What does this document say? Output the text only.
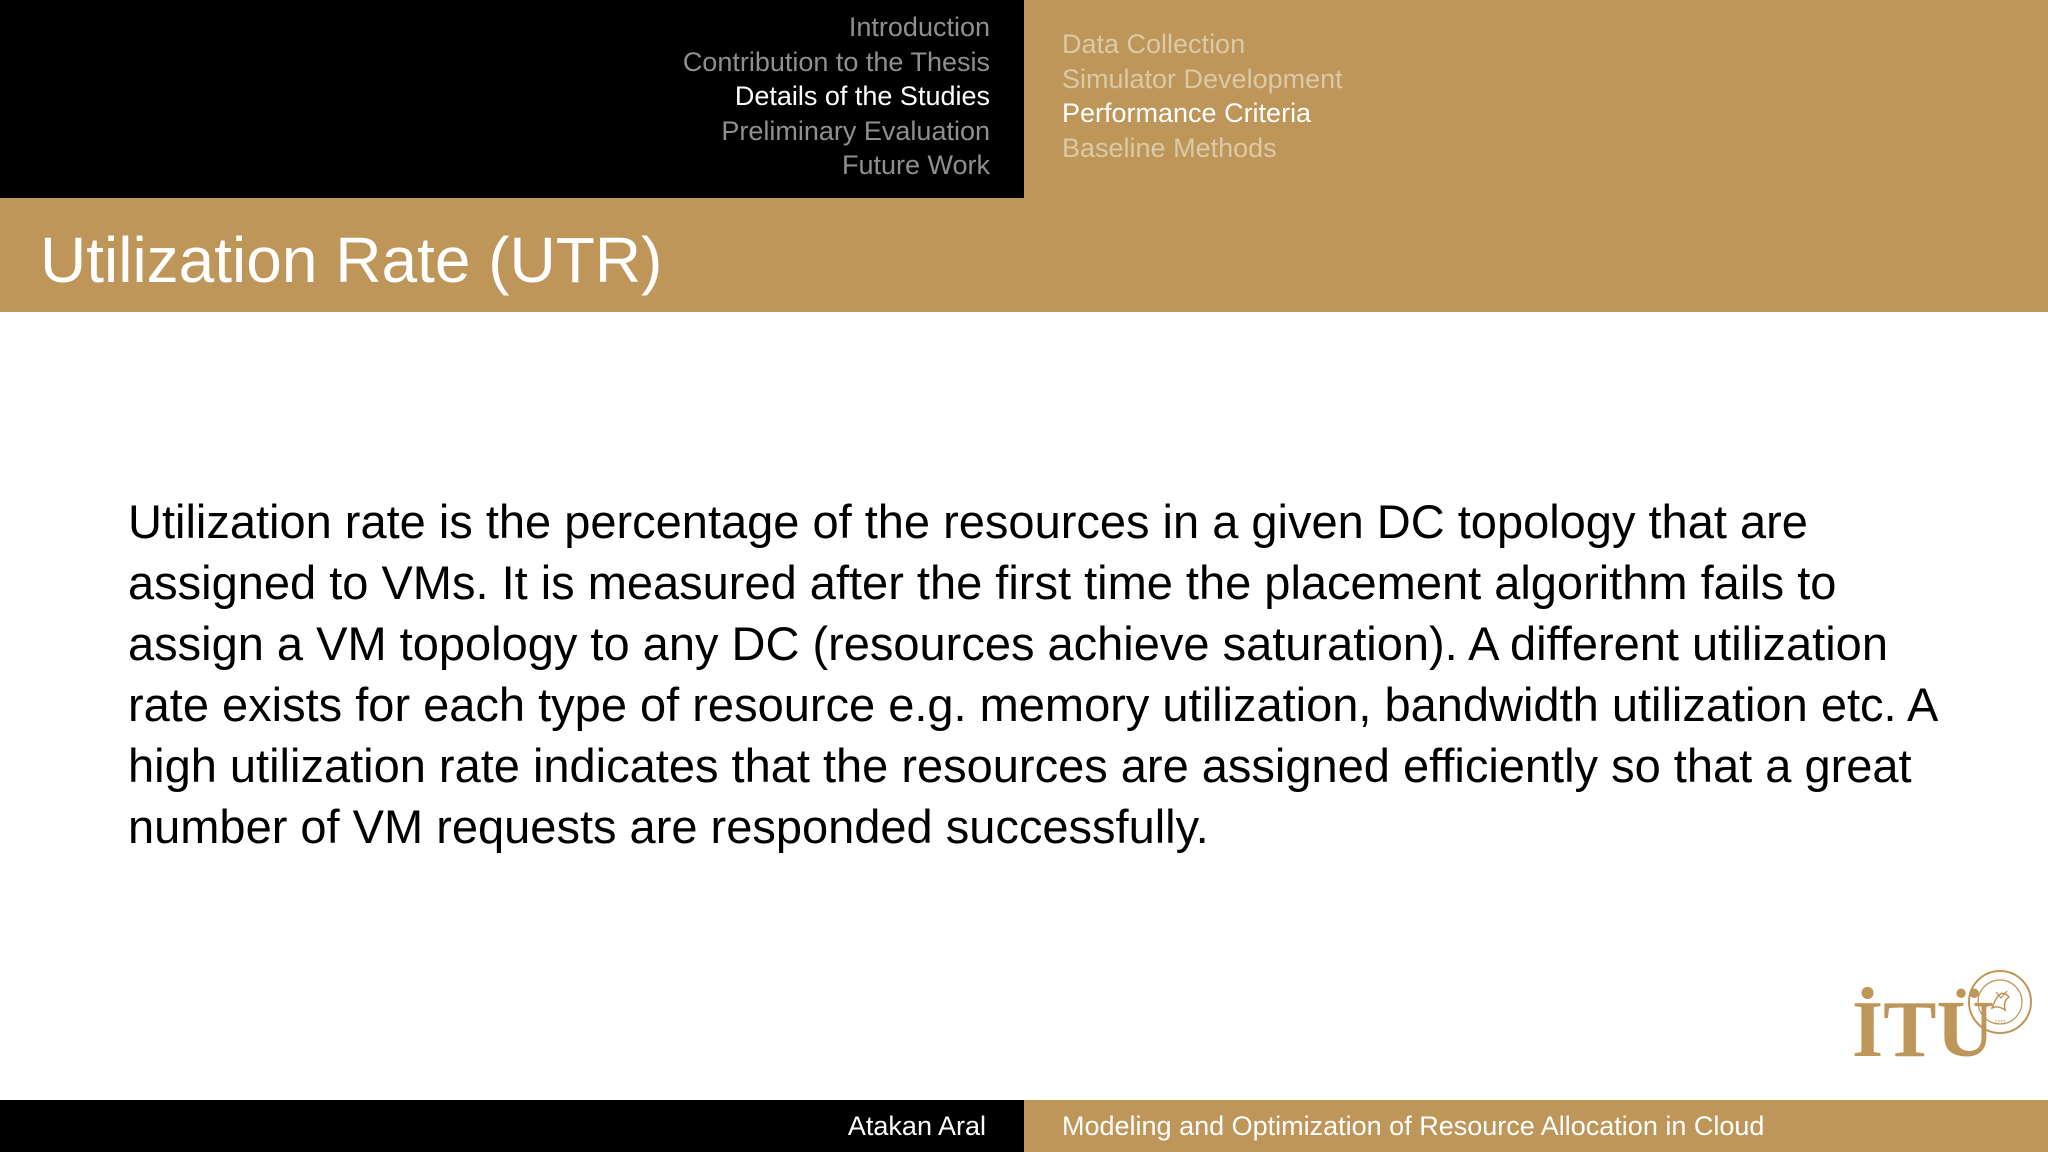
Introduction
Contribution to the Thesis
Details of the Studies
Preliminary Evaluation
Future Work
Data Collection
Simulator Development
Performance Criteria
Baseline Methods
Utilization Rate (UTR)

Utilization rate is the percentage of the resources in a given DC topology that are assigned to VMs. It is measured after the first time the placement algorithm fails to assign a VM topology to any DC (resources achieve saturation). A different utilization rate exists for each type of resource e.g. memory utilization, bandwidth utilization etc. A high utilization rate indicates that the resources are assigned efficiently so that a great number of VM requests are responded successfully.

İTÜ 1773
Atakan Aral	Modeling and Optimization of Resource Allocation in Cloud
